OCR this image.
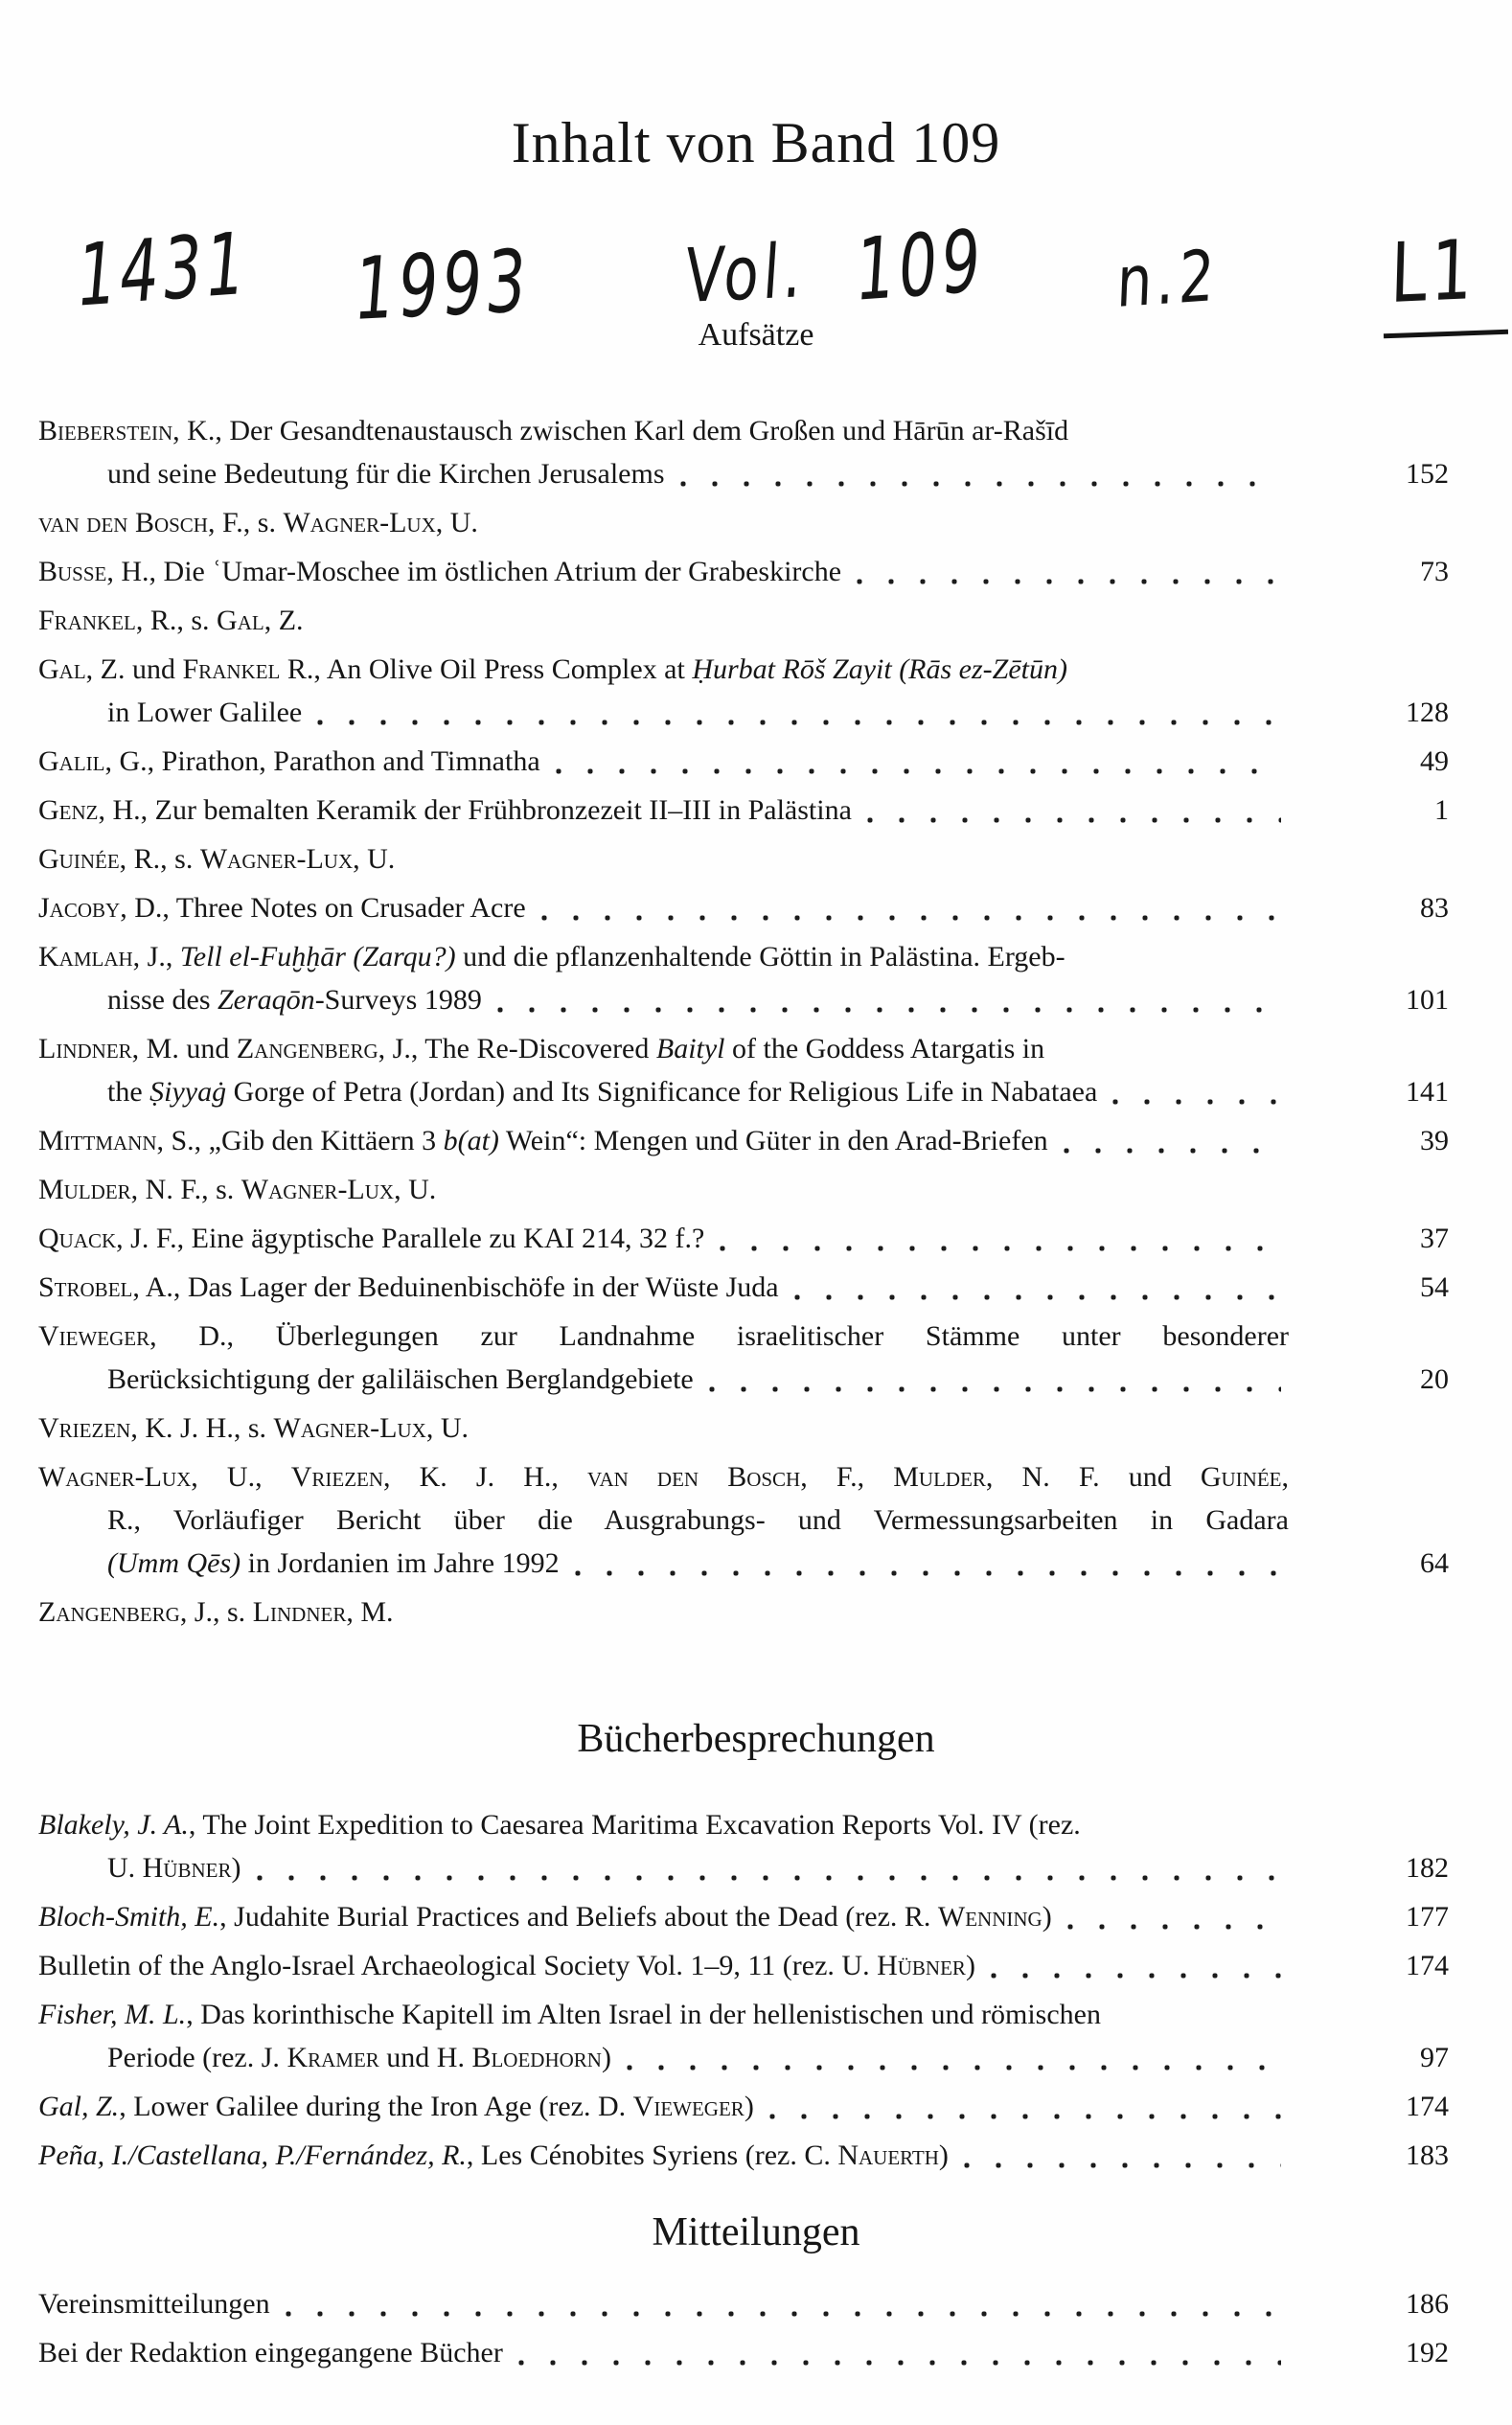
Inhalt von Band 109
1431 1993 Vol. 109 n.2 L1
Aufsätze
Bieberstein, K., Der Gesandtenaustausch zwischen Karl dem Großen und Hārūn ar-Rašīd
und seine Bedeutung für die Kirchen Jerusalems	152
van den Bosch, F., s. Wagner-Lux, U.
Busse, H., Die ʿUmar-Moschee im östlichen Atrium der Grabeskirche	73
Frankel, R., s. Gal, Z.
Gal, Z. und Frankel R., An Olive Oil Press Complex at Ḥurbat Rōš Zayit (Rās ez-Zētūn)
in Lower Galilee	128
Galil, G., Pirathon, Parathon and Timnatha	49
Genz, H., Zur bemalten Keramik der Frühbronzezeit II–III in Palästina	1
Guinée, R., s. Wagner-Lux, U.
Jacoby, D., Three Notes on Crusader Acre	83
Kamlah, J., Tell el-Fuḫḫār (Zarqu?) und die pflanzenhaltende Göttin in Palästina. Ergeb-
nisse des Zeraqōn-Surveys 1989	101
Lindner, M. und Zangenberg, J., The Re-Discovered Baityl of the Goddess Atargatis in
the Ṣiyyaġ Gorge of Petra (Jordan) and Its Significance for Religious Life in Nabataea	141
Mittmann, S., „Gib den Kittäern 3 b(at) Wein“: Mengen und Güter in den Arad-Briefen	39
Mulder, N. F., s. Wagner-Lux, U.
Quack, J. F., Eine ägyptische Parallele zu KAI 214, 32 f.?	37
Strobel, A., Das Lager der Beduinenbischöfe in der Wüste Juda	54
Vieweger, D., Überlegungen zur Landnahme israelitischer Stämme unter besonderer
Berücksichtigung der galiläischen Berglandgebiete	20
Vriezen, K. J. H., s. Wagner-Lux, U.
Wagner-Lux, U., Vriezen, K. J. H., van den Bosch, F., Mulder, N. F. und Guinée,
R., Vorläufiger Bericht über die Ausgrabungs- und Vermessungsarbeiten in Gadara
(Umm Qēs) in Jordanien im Jahre 1992	64
Zangenberg, J., s. Lindner, M.
Bücherbesprechungen
Blakely, J. A., The Joint Expedition to Caesarea Maritima Excavation Reports Vol. IV (rez.
U. Hübner)	182
Bloch-Smith, E., Judahite Burial Practices and Beliefs about the Dead (rez. R. Wenning)	177
Bulletin of the Anglo-Israel Archaeological Society Vol. 1–9, 11 (rez. U. Hübner)	174
Fisher, M. L., Das korinthische Kapitell im Alten Israel in der hellenistischen und römischen
Periode (rez. J. Kramer und H. Bloedhorn)	97
Gal, Z., Lower Galilee during the Iron Age (rez. D. Vieweger)	174
Peña, I./Castellana, P./Fernández, R., Les Cénobites Syriens (rez. C. Nauerth)	183
Mitteilungen
Vereinsmitteilungen	186
Bei der Redaktion eingegangene Bücher	192
